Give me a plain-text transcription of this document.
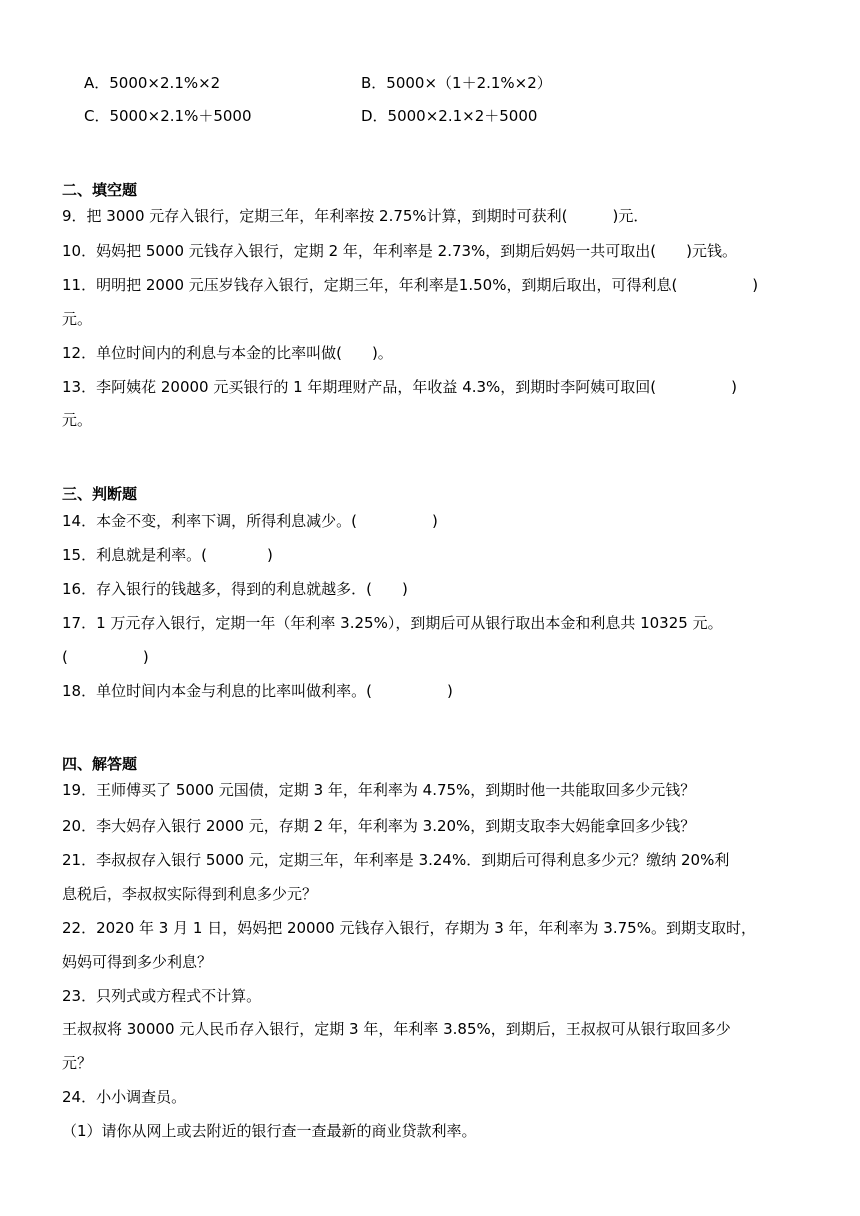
A．5000×2.1%×2	B．5000×（1＋2.1%×2）
C．5000×2.1%＋5000	D．5000×2.1×2＋5000
二、填空题
9．把 3000 元存入银行，定期三年，年利率按 2.75%计算，到期时可获利(　　　)元．
10．妈妈把 5000 元钱存入银行，定期 2 年，年利率是 2.73%，到期后妈妈一共可取出(　　)元钱。
11．明明把 2000 元压岁钱存入银行，定期三年，年利率是1.50%，到期后取出，可得利息(　　　　　)
元。
12．单位时间内的利息与本金的比率叫做(　　)。
13．李阿姨花 20000 元买银行的 1 年期理财产品，年收益 4.3%，到期时李阿姨可取回(　　　　　)
元。
三、判断题
14．本金不变，利率下调，所得利息减少。(　　　　　)
15．利息就是利率。(　　　　)
16．存入银行的钱越多，得到的利息就越多．(　　)
17．1 万元存入银行，定期一年（年利率 3.25%），到期后可从银行取出本金和利息共 10325 元。
(　　　　　)
18．单位时间内本金与利息的比率叫做利率。(　　　　　)
四、解答题
19．王师傅买了 5000 元国债，定期 3 年，年利率为 4.75%，到期时他一共能取回多少元钱？
20．李大妈存入银行 2000 元，存期 2 年，年利率为 3.20%，到期支取李大妈能拿回多少钱？
21．李叔叔存入银行 5000 元，定期三年，年利率是 3.24%．到期后可得利息多少元？缴纳 20%利
息税后，李叔叔实际得到利息多少元？
22．2020 年 3 月 1 日，妈妈把 20000 元钱存入银行，存期为 3 年，年利率为 3.75%。到期支取时，
妈妈可得到多少利息？
23．只列式或方程式不计算。
王叔叔将 30000 元人民币存入银行，定期 3 年，年利率 3.85%，到期后，王叔叔可从银行取回多少
元？
24．小小调查员。
（1）请你从网上或去附近的银行查一查最新的商业贷款利率。
